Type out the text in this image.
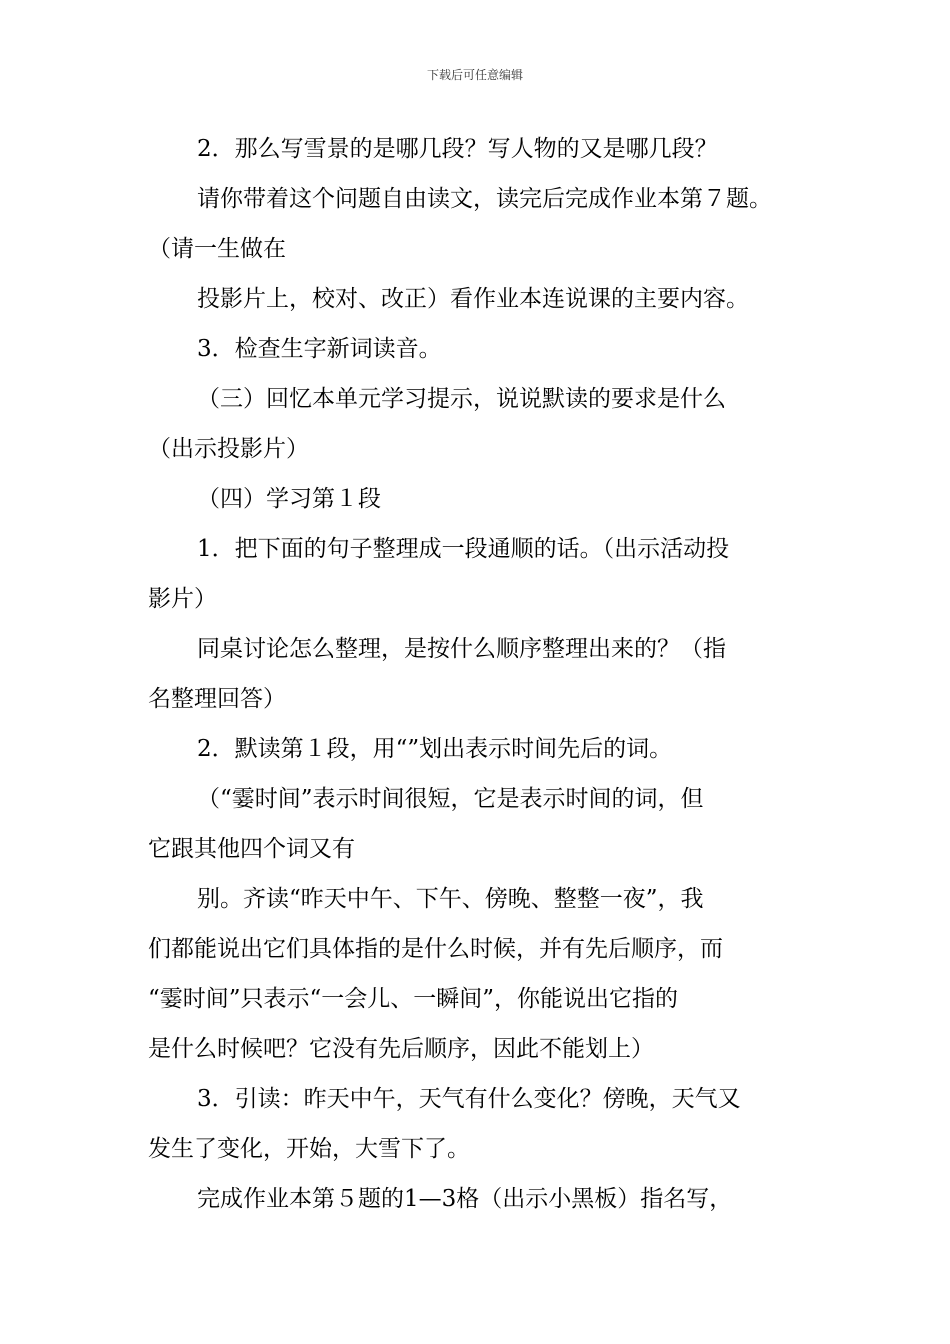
下载后可任意编辑
2．那么写雪景的是哪几段？写人物的又是哪几段？
请你带着这个问题自由读文，读完后完成作业本第７题。
（请一生做在
投影片上，校对、改正）看作业本连说课的主要内容。
3．检查生字新词读音。
（三）回忆本单元学习提示，说说默读的要求是什么
（出示投影片）
（四）学习第１段
1．把下面的句子整理成一段通顺的话。（出示活动投
影片）
同桌讨论怎么整理，是按什么顺序整理出来的？（指
名整理回答）
2．默读第１段，用“”划出表示时间先后的词。
（“霎时间”表示时间很短，它是表示时间的词，但
它跟其他四个词又有
别。齐读“昨天中午、下午、傍晚、整整一夜”，我
们都能说出它们具体指的是什么时候，并有先后顺序，而
“霎时间”只表示“一会儿、一瞬间”，你能说出它指的
是什么时候吧？它没有先后顺序，因此不能划上）
3．引读：昨天中午，天气有什么变化？傍晚，天气又
发生了变化，开始，大雪下了。
完成作业本第５题的1—3格（出示小黑板）指名写，
